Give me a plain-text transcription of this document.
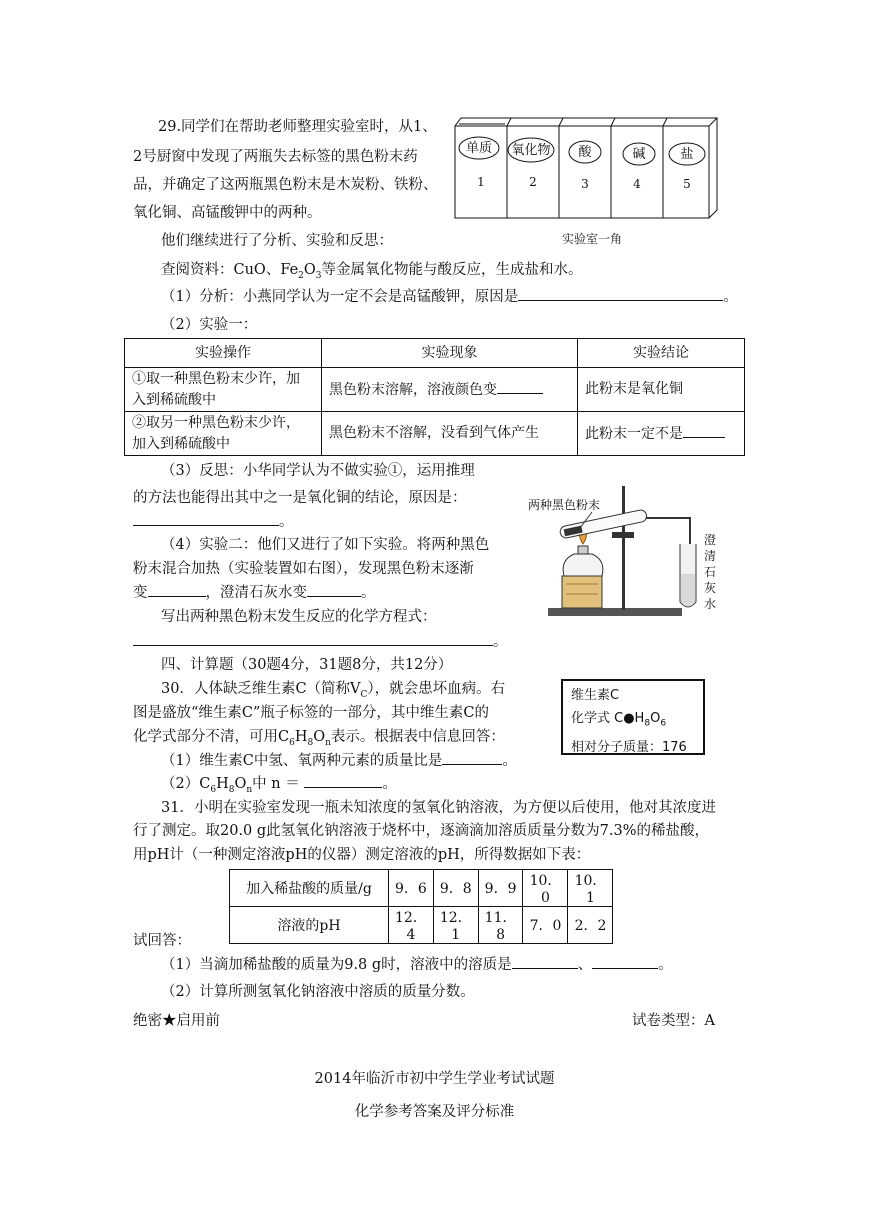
29.同学们在帮助老师整理实验室时，从1、
2号厨窗中发现了两瓶失去标签的黑色粉末药
品，并确定了这两瓶黑色粉末是木炭粉、铁粉、
氧化铜、高锰酸钾中的两种。
他们继续进行了分析、实验和反思：
查阅资料：CuO、$Fe_2O_3$等金属氧化物能与酸反应，生成盐和水。
（1）分析：小燕同学认为一定不会是高锰酸钾，原因是	。
（2）实验一：
单质 氧化物 酸	碱	盐
1	2	3	4	5
实验室一角
实验操作	实验现象	实验结论

①取一种黑色粉末少许，加
入到稀硫酸中	黑色粉末溶解，溶液颜色变	此粉末是氧化铜

②取另一种黑色粉末少许，
加入到稀硫酸中	黑色粉末不溶解，没看到气体产生	此粉末一定不是
（3）反思：小华同学认为不做实验①，运用推理
的方法也能得出其中之一是氧化铜的结论，原因是：
。
（4）实验二：他们又进行了如下实验。将两种黑色
粉末混合加热（实验装置如右图），发现黑色粉末逐渐
变	，澄清石灰水变	。
写出两种黑色粉末发生反应的化学方程式：
。
两种黑色粉末
澄
清
石
灰
水
四、计算题（30题4分，31题8分，共12分）
30．人体缺乏维生素C（简称$V_C$），就会患坏血病。右
图是盛放“维生素C”瓶子标签的一部分，其中维生素C的
化学式部分不清，可用$C_6H_8O_n$表示。根据表中信息回答：
（1）维生素C中氢、氧两种元素的质量比是	。
$(2)C_6H_8O_n$中 n ＝	。
维生素C
化学式 $C●H_8O_6$
相对分子质量：176
31．小明在实验室发现一瓶未知浓度的氢氧化钠溶液，为方便以后使用，他对其浓度进
行了测定。取20.0 g此氢氧化钠溶液于烧杯中，逐滴滴加溶质质量分数为7.3%的稀盐酸，
用pH计（一种测定溶液pH的仪器）测定溶液的pH，所得数据如下表：
加入稀盐酸的质量/g	9．6	9．8	9．9	10．0	10．1
溶液的pH	12．4	12．1	11．8	7．0	2．2
试回答：
（1）当滴加稀盐酸的质量为9.8 g时，溶液中的溶质是	、	。
（2）计算所测氢氧化钠溶液中溶质的质量分数。
绝密★启用前	试卷类型：A
2014年临沂市初中学生学业考试试题
化学参考答案及评分标准
